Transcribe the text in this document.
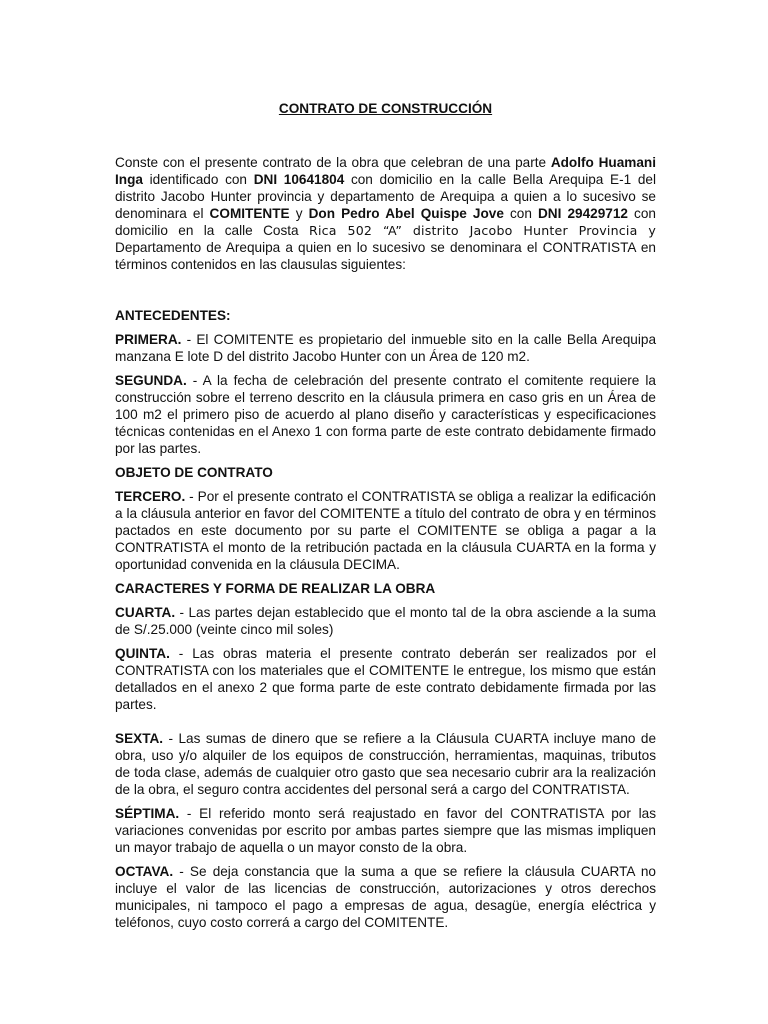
CONTRATO DE CONSTRUCCIÓN

Conste con el presente contrato de la obra que celebran de una parte Adolfo Huamani Inga identificado con DNI 10641804 con domicilio en la calle Bella Arequipa E-1 del distrito Jacobo Hunter provincia y departamento de Arequipa a quien a lo sucesivo se denominara el COMITENTE y Don Pedro Abel Quispe Jove con DNI 29429712 con domicilio en la calle Costa Rica 502 “A” distrito Jacobo Hunter Provincia y Departamento de Arequipa a quien en lo sucesivo se denominara el CONTRATISTA en términos contenidos en las clausulas siguientes:

ANTECEDENTES:

PRIMERA. - El COMITENTE es propietario del inmueble sito en la calle Bella Arequipa manzana E lote D del distrito Jacobo Hunter con un Área de 120 m2.

SEGUNDA. - A la fecha de celebración del presente contrato el comitente requiere la construcción sobre el terreno descrito en la cláusula primera en caso gris en un Área de 100 m2 el primero piso de acuerdo al plano diseño y características y especificaciones técnicas contenidas en el Anexo 1 con forma parte de este contrato debidamente firmado por las partes.

OBJETO DE CONTRATO

TERCERO. - Por el presente contrato el CONTRATISTA se obliga a realizar la edificación a la cláusula anterior en favor del COMITENTE a título del contrato de obra y en términos pactados en este documento por su parte el COMITENTE se obliga a pagar a la CONTRATISTA el monto de la retribución pactada en la cláusula CUARTA en la forma y oportunidad convenida en la cláusula DECIMA.

CARACTERES Y FORMA DE REALIZAR LA OBRA

CUARTA. - Las partes dejan establecido que el monto tal de la obra asciende a la suma de S/.25.000 (veinte cinco mil soles)

QUINTA. - Las obras materia el presente contrato deberán ser realizados por el CONTRATISTA con los materiales que el COMITENTE le entregue, los mismo que están detallados en el anexo 2 que forma parte de este contrato debidamente firmada por las partes.

SEXTA. - Las sumas de dinero que se refiere a la Cláusula CUARTA incluye mano de obra, uso y/o alquiler de los equipos de construcción, herramientas, maquinas, tributos de toda clase, además de cualquier otro gasto que sea necesario cubrir ara la realización de la obra, el seguro contra accidentes del personal será a cargo del CONTRATISTA.

SÉPTIMA. - El referido monto será reajustado en favor del CONTRATISTA por las variaciones convenidas por escrito por ambas partes siempre que las mismas impliquen un mayor trabajo de aquella o un mayor consto de la obra.

OCTAVA. - Se deja constancia que la suma a que se refiere la cláusula CUARTA no incluye el valor de las licencias de construcción, autorizaciones y otros derechos municipales, ni tampoco el pago a empresas de agua, desagüe, energía eléctrica y teléfonos, cuyo costo correrá a cargo del COMITENTE.
